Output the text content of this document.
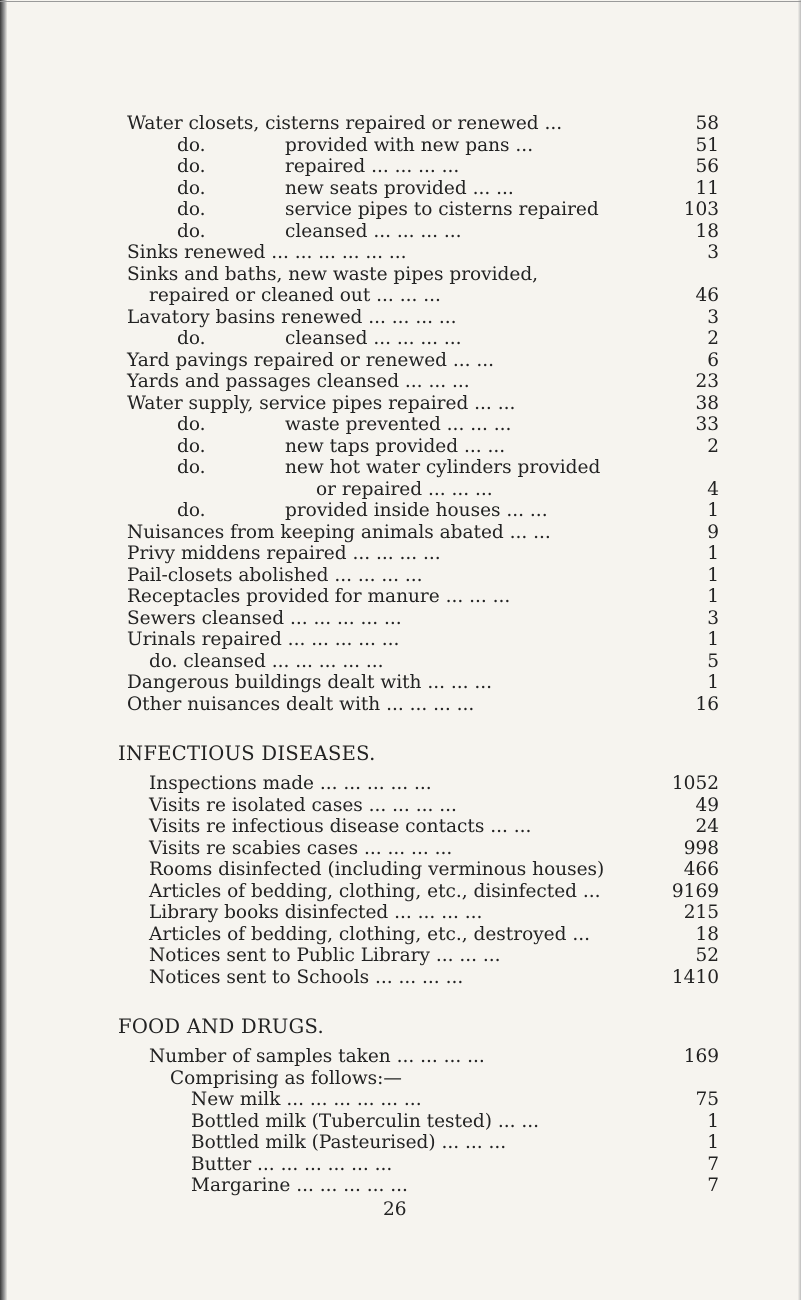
Water closets, cisterns repaired or renewed ...	58
do.	provided with new pans ...	51
do.	repaired ... ... ... ...	56
do.	new seats provided ... ...	11
do.	service pipes to cisterns repaired	103
do.	cleansed ... ... ... ...	18
Sinks renewed ... ... ... ... ... ...	3
Sinks and baths, new waste pipes provided,
repaired or cleaned out ... ... ...	46
Lavatory basins renewed ... ... ... ...	3
do.	cleansed ... ... ... ...	2
Yard pavings repaired or renewed ... ...	6
Yards and passages cleansed ... ... ...	23
Water supply, service pipes repaired ... ...	38
do.	waste prevented ... ... ...	33
do.	new taps provided ... ...	2
do.	new hot water cylinders provided
or repaired ... ... ...	4
do.	provided inside houses ... ...	1
Nuisances from keeping animals abated ... ...	9
Privy middens repaired ... ... ... ...	1
Pail-closets abolished ... ... ... ...	1
Receptacles provided for manure ... ... ...	1
Sewers cleansed ... ... ... ... ...	3
Urinals repaired ... ... ... ... ...	1
do. cleansed ... ... ... ... ...	5
Dangerous buildings dealt with ... ... ...	1
Other nuisances dealt with ... ... ... ...	16
INFECTIOUS DISEASES.
Inspections made ... ... ... ... ...	1052
Visits re isolated cases ... ... ... ...	49
Visits re infectious disease contacts ... ...	24
Visits re scabies cases ... ... ... ...	998
Rooms disinfected (including verminous houses)	466
Articles of bedding, clothing, etc., disinfected ...	9169
Library books disinfected ... ... ... ...	215
Articles of bedding, clothing, etc., destroyed ...	18
Notices sent to Public Library ... ... ...	52
Notices sent to Schools ... ... ... ...	1410
FOOD AND DRUGS.
Number of samples taken ... ... ... ...	169
Comprising as follows:—
New milk ... ... ... ... ... ...	75
Bottled milk (Tuberculin tested) ... ...	1
Bottled milk (Pasteurised) ... ... ...	1
Butter ... ... ... ... ... ...	7
Margarine ... ... ... ... ...	7
26
